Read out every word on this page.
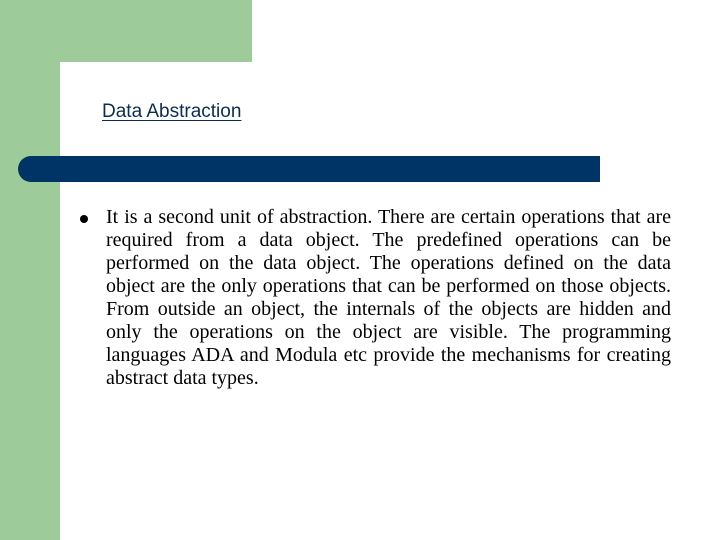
Data Abstraction

It is a second unit of abstraction. There are certain operations that are required from a data object. The predefined operations can be performed on the data object. The operations defined on the data object are the only operations that can be performed on those objects. From outside an object, the internals of the objects are hidden and only the operations on the object are visible. The programming languages ADA and Modula etc provide the mechanisms for creating abstract data types.
